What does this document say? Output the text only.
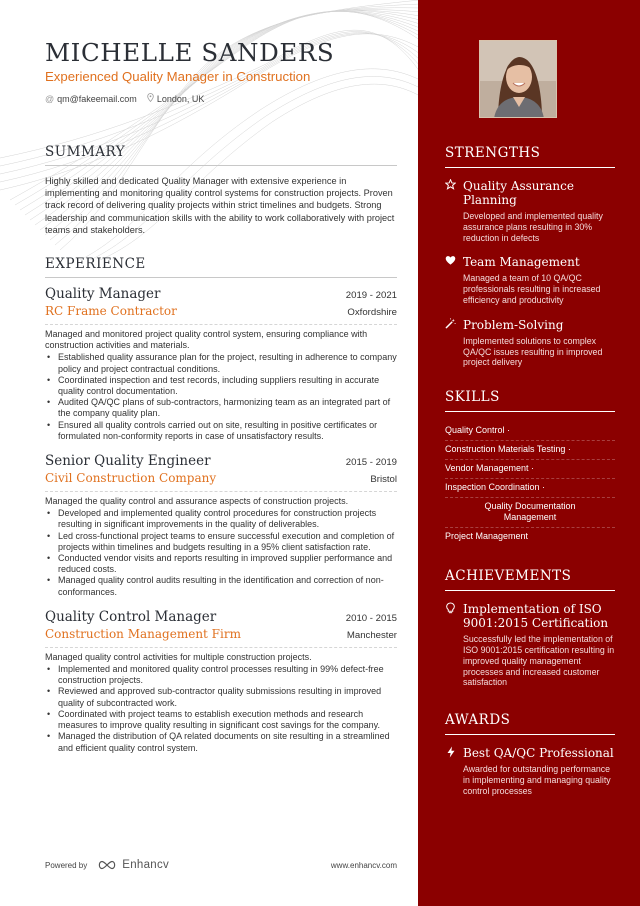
MICHELLE SANDERS
Experienced Quality Manager in Construction
@ qm@fakeemail.com London, UK
SUMMARY
Highly skilled and dedicated Quality Manager with extensive experience in implementing and monitoring quality control systems for construction projects. Proven track record of delivering quality projects within strict timelines and budgets. Strong leadership and communication skills with the ability to work collaboratively with project teams and stakeholders.
EXPERIENCE
Quality Manager	2019 - 2021
RC Frame Contractor	Oxfordshire
Managed and monitored project quality control system, ensuring compliance with construction activities and materials.
• Established quality assurance plan for the project, resulting in adherence to company policy and project contractual conditions.
• Coordinated inspection and test records, including suppliers resulting in accurate quality control documentation.
• Audited QA/QC plans of sub-contractors, harmonizing team as an integrated part of the company quality plan.
• Ensured all quality controls carried out on site, resulting in positive certificates or formulated non-conformity reports in case of unsatisfactory results.
Senior Quality Engineer	2015 - 2019
Civil Construction Company	Bristol
Managed the quality control and assurance aspects of construction projects.
• Developed and implemented quality control procedures for construction projects resulting in significant improvements in the quality of deliverables.
• Led cross-functional project teams to ensure successful execution and completion of projects within timelines and budgets resulting in a 95% client satisfaction rate.
• Conducted vendor visits and reports resulting in improved supplier performance and reduced costs.
• Managed quality control audits resulting in the identification and correction of non-conformances.
Quality Control Manager	2010 - 2015
Construction Management Firm	Manchester
Managed quality control activities for multiple construction projects.
• Implemented and monitored quality control processes resulting in 99% defect-free construction projects.
• Reviewed and approved sub-contractor quality submissions resulting in improved quality of subcontracted work.
• Coordinated with project teams to establish execution methods and research measures to improve quality resulting in significant cost savings for the company.
• Managed the distribution of QA related documents on site resulting in a streamlined and efficient quality control system.
Powered by	Enhancv	www.enhancv.com
STRENGTHS
Quality Assurance Planning
Developed and implemented quality assurance plans resulting in 30% reduction in defects
Team Management
Managed a team of 10 QA/QC professionals resulting in increased efficiency and productivity
Problem-Solving
Implemented solutions to complex QA/QC issues resulting in improved project delivery
SKILLS
Quality Control ·
Construction Materials Testing ·
Vendor Management ·
Inspection Coordination ·
Quality Documentation Management
Project Management
ACHIEVEMENTS
Implementation of ISO 9001:2015 Certification
Successfully led the implementation of ISO 9001:2015 certification resulting in improved quality management processes and increased customer satisfaction
AWARDS
Best QA/QC Professional
Awarded for outstanding performance in implementing and managing quality control processes
